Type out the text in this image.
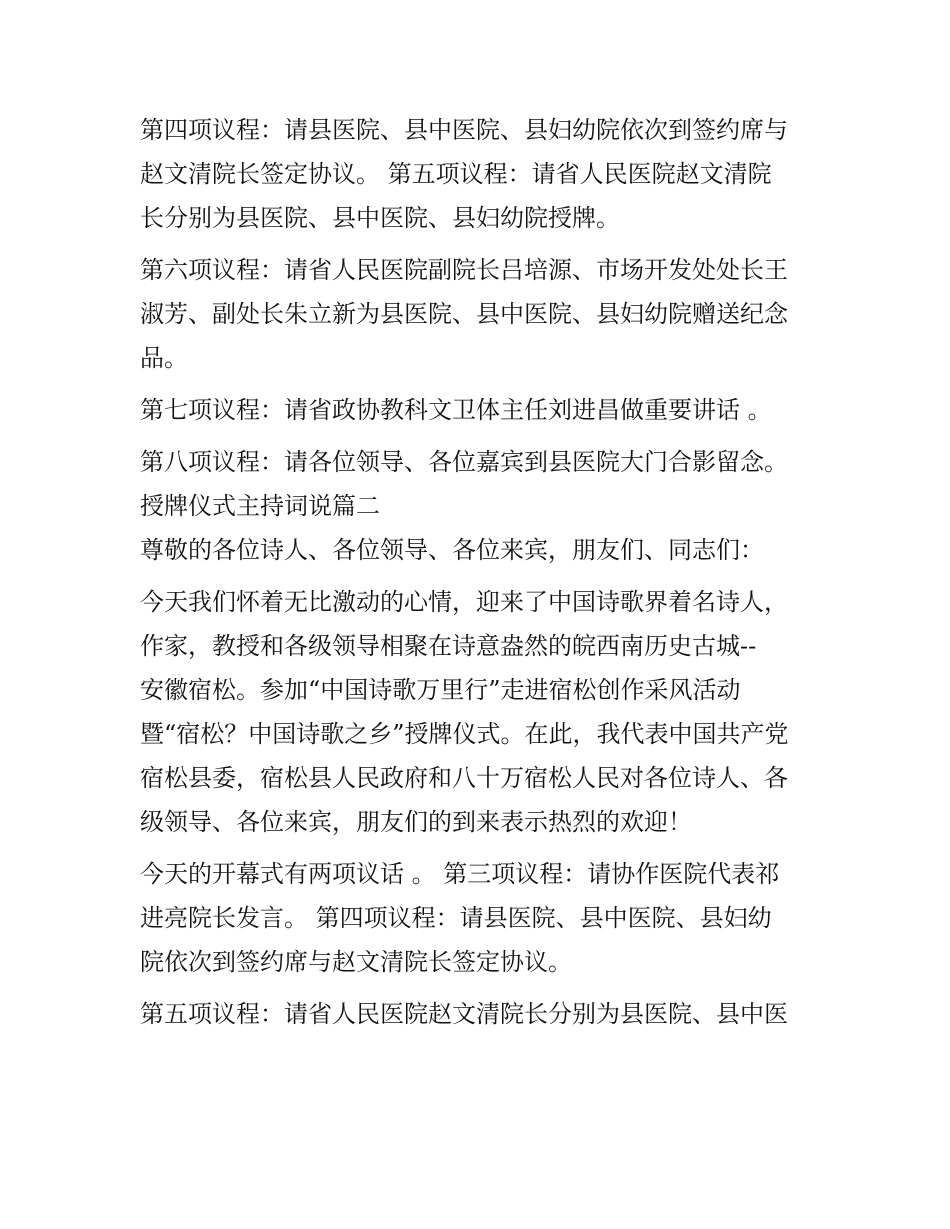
第四项议程：请县医院、县中医院、县妇幼院依次到签约席与
赵文清院长签定协议。 第五项议程：请省人民医院赵文清院
长分别为县医院、县中医院、县妇幼院授牌。
第六项议程：请省人民医院副院长吕培源、市场开发处处长王
淑芳、副处长朱立新为县医院、县中医院、县妇幼院赠送纪念
品。
第七项议程：请省政协教科文卫体主任刘进昌做重要讲话 。
第八项议程：请各位领导、各位嘉宾到县医院大门合影留念。
授牌仪式主持词说篇二
尊敬的各位诗人、各位领导、各位来宾，朋友们、同志们：
今天我们怀着无比激动的心情，迎来了中国诗歌界着名诗人，
作家，教授和各级领导相聚在诗意盎然的皖西南历史古城--
安徽宿松。参加“中国诗歌万里行”走进宿松创作采风活动
暨“宿松？中国诗歌之乡”授牌仪式。在此，我代表中国共产党
宿松县委，宿松县人民政府和八十万宿松人民对各位诗人、各
级领导、各位来宾，朋友们的到来表示热烈的欢迎！
今天的开幕式有两项议话 。 第三项议程：请协作医院代表祁
进亮院长发言。 第四项议程：请县医院、县中医院、县妇幼
院依次到签约席与赵文清院长签定协议。
第五项议程：请省人民医院赵文清院长分别为县医院、县中医
